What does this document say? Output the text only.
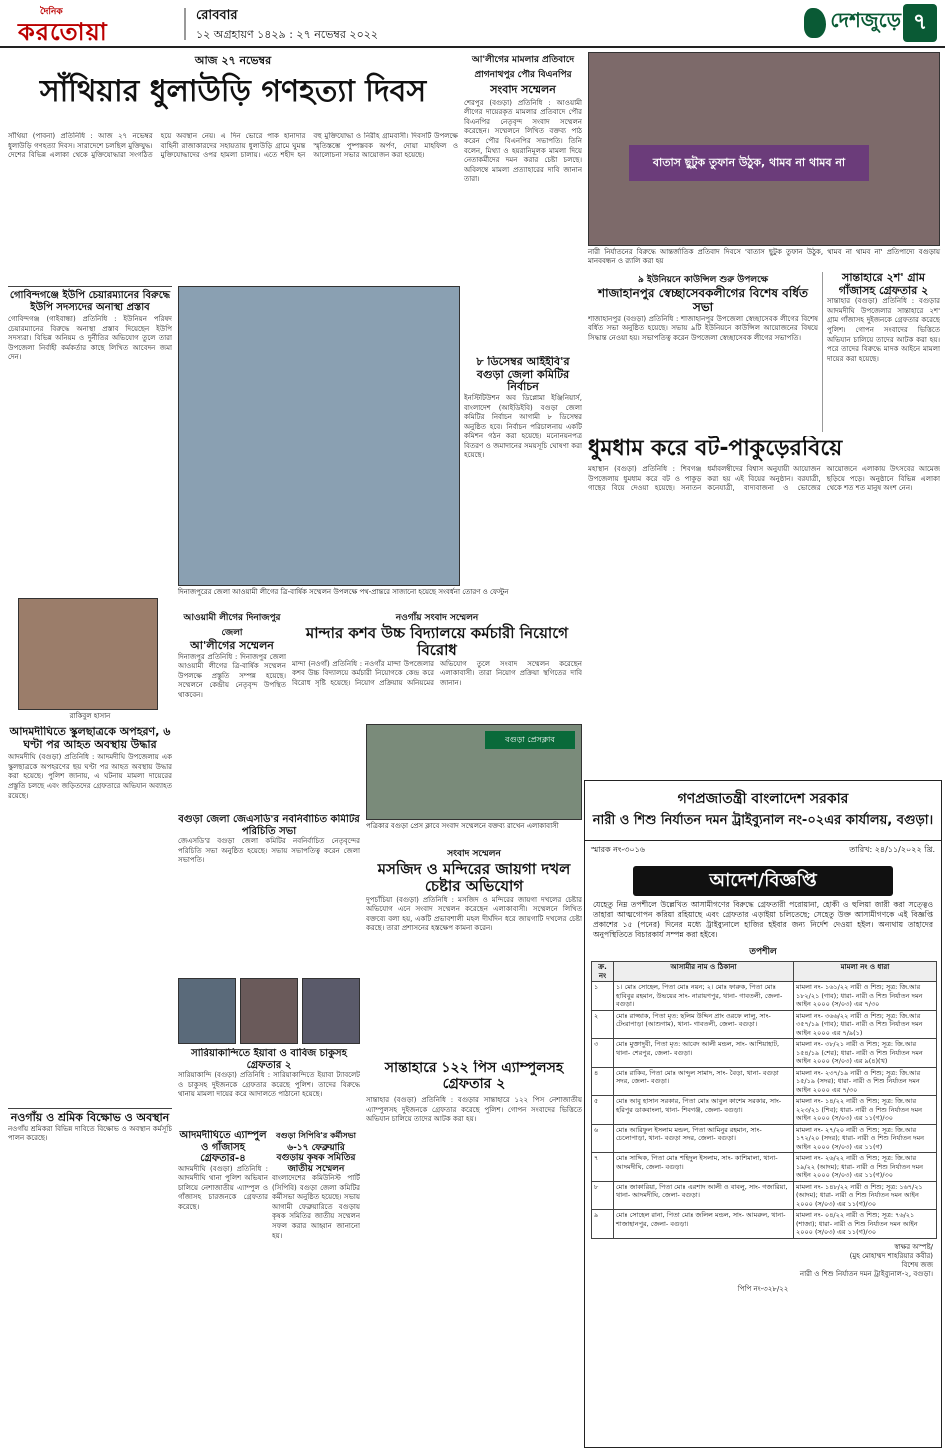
দৈনিক
করতোয়া
রোববার
১২ অগ্রহায়ণ ১৪২৯ : ২৭ নভেম্বর ২০২২
দেশজুড়ে ৭
আজ ২৭ নভেম্বর
সাঁথিয়ার ধুলাউড়ি গণহত্যা দিবস
সাঁথিয়া (পাবনা) প্রতিনিধি : আজ ২৭ নভেম্বর ধুলাউড়ি গণহত্যা দিবস। সারাদেশে চলছিল মুক্তিযুদ্ধ। দেশের বিভিন্ন এলাকা থেকে মুক্তিযোদ্ধারা সংগঠিত হয়ে অবস্থান নেয়। এ দিন ভোরে পাক হানাদার বাহিনী রাজাকারদের সহায়তায় ধুলাউড়ি গ্রামে ঘুমন্ত মুক্তিযোদ্ধাদের ওপর হামলা চালায়। এতে শহীদ হন বহু মুক্তিযোদ্ধা ও নিরীহ গ্রামবাসী। দিবসটি উপলক্ষে স্মৃতিস্তম্ভে পুষ্পস্তবক অর্পণ, দোয়া মাহফিল ও আলোচনা সভার আয়োজন করা হয়েছে।
আ'লীগের মামলার প্রতিবাদে প্রাগনাথপুর পৌর বিএনপির
সংবাদ সম্মেলন
শেরপুর (বগুড়া) প্রতিনিধি : আওয়ামী লীগের দায়েরকৃত মামলার প্রতিবাদে পৌর বিএনপির নেতৃবৃন্দ সংবাদ সম্মেলন করেছেন। সম্মেলনে লিখিত বক্তব্য পাঠ করেন পৌর বিএনপির সভাপতি। তিনি বলেন, মিথ্যা ও হয়রানিমূলক মামলা দিয়ে নেতাকর্মীদের দমন করার চেষ্টা চলছে। অবিলম্বে মামলা প্রত্যাহারের দাবি জানান তারা।
বাতাস ছুটুক তুফান উঠুক, থামব না থামব না
নারী নির্যাতনের বিরুদ্ধে আন্তর্জাতিক প্রতিবাদ দিবসে 'বাতাস ছুটুক তুফান উঠুক, থামব না থামব না' প্রতিপাদ্যে বগুড়ায় মানববন্ধন ও র‍্যালি করা হয়
৯ ইউনিয়নে কাউন্সিল শুরু উপলক্ষে
শাজাহানপুর স্বেচ্ছাসেবকলীগের বিশেষ বর্ধিত সভা
শাজাহানপুর (বগুড়া) প্রতিনিধি : শাজাহানপুর উপজেলা স্বেচ্ছাসেবক লীগের বিশেষ বর্ধিত সভা অনুষ্ঠিত হয়েছে। সভায় ৯টি ইউনিয়নে কাউন্সিল আয়োজনের বিষয়ে সিদ্ধান্ত নেওয়া হয়। সভাপতিত্ব করেন উপজেলা স্বেচ্ছাসেবক লীগের সভাপতি।
সান্তাহারে ২শ' গ্রাম গাঁজাসহ গ্রেফতার ২
সান্তাহার (বগুড়া) প্রতিনিধি : বগুড়ার আদমদীঘি উপজেলার সান্তাহারে ২শ' গ্রাম গাঁজাসহ দুইজনকে গ্রেফতার করেছে পুলিশ। গোপন সংবাদের ভিত্তিতে অভিযান চালিয়ে তাদের আটক করা হয়। পরে তাদের বিরুদ্ধে মাদক আইনে মামলা দায়ের করা হয়েছে।
ধুমধাম করে বট-পাকুড়েরবিয়ে
মহাস্থান (বগুড়া) প্রতিনিধি : শিবগঞ্জ উপজেলায় ধুমধাম করে বট ও পাকুড় গাছের বিয়ে দেওয়া হয়েছে। সনাতন ধর্মাবলম্বীদের বিশ্বাস অনুযায়ী আয়োজন করা হয় এই বিয়ের অনুষ্ঠান। বরযাত্রী, কনেযাত্রী, বাদ্যবাজনা ও ভোজের আয়োজনে এলাকায় উৎসবের আমেজ ছড়িয়ে পড়ে। অনুষ্ঠানে বিভিন্ন এলাকা থেকে শত শত মানুষ অংশ নেন।
দিনাজপুরের জেলা আওয়ামী লীগের ত্রি-বার্ষিক সম্মেলন উপলক্ষে পথ-প্রান্তরে সাজানো হয়েছে সংবর্ধনা তোরণ ও ফেস্টুন
গোবিন্দগঞ্জে ইউপি চেয়ারম্যানের বিরুদ্ধে ইউপি সদস্যদের অনাস্থা প্রস্তাব
গোবিন্দগঞ্জ (গাইবান্ধা) প্রতিনিধি : ইউনিয়ন পরিষদ চেয়ারম্যানের বিরুদ্ধে অনাস্থা প্রস্তাব দিয়েছেন ইউপি সদস্যরা। বিভিন্ন অনিয়ম ও দুর্নীতির অভিযোগ তুলে তারা উপজেলা নির্বাহী কর্মকর্তার কাছে লিখিত আবেদন জমা দেন।
রাকিবুল হাসান
আদমদীঘিতে স্কুলছাত্রকে অপহরণ, ৬ ঘণ্টা পর আহত অবস্থায় উদ্ধার
আদমদীঘি (বগুড়া) প্রতিনিধি : আদমদীঘি উপজেলায় এক স্কুলছাত্রকে অপহরণের ছয় ঘণ্টা পর আহত অবস্থায় উদ্ধার করা হয়েছে। পুলিশ জানায়, এ ঘটনায় মামলা দায়েরের প্রস্তুতি চলছে এবং জড়িতদের গ্রেফতারে অভিযান অব্যাহত রয়েছে।
নওগাঁয় ও শ্রমিক বিক্ষোভ ও অবস্থান
নওগাঁয় শ্রমিকরা বিভিন্ন দাবিতে বিক্ষোভ ও অবস্থান কর্মসূচি পালন করেছে।
৮ ডিসেম্বর আইইবি'র বগুড়া জেলা কমিটির নির্বাচন
ইনস্টিটিউশন অব ডিপ্লোমা ইঞ্জিনিয়ার্স, বাংলাদেশ (আইডিইবি) বগুড়া জেলা কমিটির নির্বাচন আগামী ৮ ডিসেম্বর অনুষ্ঠিত হবে। নির্বাচন পরিচালনায় একটি কমিশন গঠন করা হয়েছে। মনোনয়নপত্র বিতরণ ও জমাদানের সময়সূচি ঘোষণা করা হয়েছে।
আওয়ামী লীগের দিনাজপুর জেলা
আ'লীগের সম্মেলন
দিনাজপুর প্রতিনিধি : দিনাজপুর জেলা আওয়ামী লীগের ত্রি-বার্ষিক সম্মেলন উপলক্ষে প্রস্তুতি সম্পন্ন হয়েছে। সম্মেলনে কেন্দ্রীয় নেতৃবৃন্দ উপস্থিত থাকবেন।
নওগাঁয় সংবাদ সম্মেলন
মান্দার কশব উচ্চ বিদ্যালয়ে কর্মচারী নিয়োগে বিরোধ
মান্দা (নওগাঁ) প্রতিনিধি : নওগাঁর মান্দা উপজেলার কশব উচ্চ বিদ্যালয়ে কর্মচারী নিয়োগকে কেন্দ্র করে বিরোধ সৃষ্টি হয়েছে। নিয়োগ প্রক্রিয়ায় অনিয়মের অভিযোগ তুলে সংবাদ সম্মেলন করেছেন এলাকাবাসী। তারা নিয়োগ প্রক্রিয়া স্থগিতের দাবি জানান।
বগুড়া প্রেসক্লাব
পত্রিকার বগুড়া প্রেস ক্লাবে সংবাদ সম্মেলনে বক্তব্য রাখেন এলাকাবাসী
বগুড়া জেলা জেএসডি'র নবনির্বাচিত কমিটির পরিচিতি সভা
জেএসডি'র বগুড়া জেলা কমিটির নবনির্বাচিত নেতৃবৃন্দের পরিচিতি সভা অনুষ্ঠিত হয়েছে। সভায় সভাপতিত্ব করেন জেলা সভাপতি।
সংবাদ সম্মেলন
মসজিদ ও মন্দিরের জায়গা দখল চেষ্টার অভিযোগ
দুপচাঁচিয়া (বগুড়া) প্রতিনিধি : মসজিদ ও মন্দিরের জায়গা দখলের চেষ্টার অভিযোগ এনে সংবাদ সম্মেলন করেছেন এলাকাবাসী। সম্মেলনে লিখিত বক্তব্যে বলা হয়, একটি প্রভাবশালী মহল দীর্ঘদিন ধরে জায়গাটি দখলের চেষ্টা করছে। তারা প্রশাসনের হস্তক্ষেপ কামনা করেন।
সারিয়াকান্দিতে ইয়াবা ও বাবিজ চাকুসহ গ্রেফতার ২
সারিয়াকান্দি (বগুড়া) প্রতিনিধি : সারিয়াকান্দিতে ইয়াবা ট্যাবলেট ও চাকুসহ দুইজনকে গ্রেফতার করেছে পুলিশ। তাদের বিরুদ্ধে থানায় মামলা দায়ের করে আদালতে পাঠানো হয়েছে।
আদমদীঘিতে এ্যাম্পুল ও গাঁজাসহ গ্রেফতার-৪
আদমদীঘি (বগুড়া) প্রতিনিধি : আদমদীঘি থানা পুলিশ অভিযান চালিয়ে নেশাজাতীয় এ্যাম্পুল ও গাঁজাসহ চারজনকে গ্রেফতার করেছে।
বগুড়া সিপিবি'র কর্মীসভা
৬-১৭ ফেব্রুয়ারি বগুড়ায় কৃষক সমিতির জাতীয় সম্মেলন
বাংলাদেশের কমিউনিস্ট পার্টি (সিপিবি) বগুড়া জেলা কমিটির কর্মীসভা অনুষ্ঠিত হয়েছে। সভায় আগামী ফেব্রুয়ারিতে বগুড়ায় কৃষক সমিতির জাতীয় সম্মেলন সফল করার আহ্বান জানানো হয়।
সান্তাহারে ১২২ পিস এ্যাম্পুলসহ গ্রেফতার ২
সান্তাহার (বগুড়া) প্রতিনিধি : বগুড়ার সান্তাহারে ১২২ পিস নেশাজাতীয় এ্যাম্পুলসহ দুইজনকে গ্রেফতার করেছে পুলিশ। গোপন সংবাদের ভিত্তিতে অভিযান চালিয়ে তাদের আটক করা হয়।
গণপ্রজাতন্ত্রী বাংলাদেশ সরকার
নারী ও শিশু নির্যাতন দমন ট্রাইব্যুনাল নং-০২এর কার্যালয়, বগুড়া।
স্মারক নং-৩০১৬	তারিখ: ২৪/১১/২০২২ খ্রি.
আদেশ/বিজ্ঞপ্তি
যেহেতু নিম্ন তপশীলে উল্লেখিত আসামীগণের বিরুদ্ধে গ্রেফতারী পরোয়ানা, হোকী ও হুলিয়া জারী করা সত্ত্বেও তাহারা আত্মগোপন করিয়া রহিয়াছে এবং গ্রেফতার এড়াইয়া চলিতেছে; সেহেতু উক্ত আসামীগণকে এই বিজ্ঞপ্তি প্রকাশের ১৫ (পনের) দিনের মধ্যে ট্রাইব্যুনালে হাজির হইবার জন্য নির্দেশ দেওয়া হইল। অন্যথায় তাহাদের অনুপস্থিতিতে বিচারকার্য সম্পন্ন করা হইবে।
তপশীল
ক্র. নং	আসামীর নাম ও ঠিকানা	মামলা নং ও ধারা
১	১। মোঃ সোহেল, পিতা মোঃ নয়ন; ২। মোঃ ফারুক, পিতা মোঃ হাবিবুর রহমান, উভয়ের সাং- নারায়ণপুর, থানা- গাবতলী, জেলা- বগুড়া।	মামলা নং- ১৬১/২২ নারী ও শিশু; সূত্র: জি.আর ১৮২/২১ (গাব); ধারা- নারী ও শিশু নির্যাতন দমন আইন ২০০০ (স/০৩) এর ৭/৩০
২	মোঃ রাজ্জাক, পিতা মৃত: ছলিম উদ্দিন প্রাং ওরফে লালু, সাং- টেংরাপাড়া (আশুগাম), থানা- গাবতলী, জেলা- বগুড়া।	মামলা নং- ৩৬৬/২২ নারী ও শিশু; সূত্র: জি.আর ৩৫৭/১৯ (গাব); ধারা- নারী ও শিশু নির্যাতন দমন আইন ২০০০ এর ৭/৯(১)
৩	মোঃ মুক্তাদুবী, পিতা মৃত: আবেদ আলী মন্ডল, সাং- আশিয়াহাট, থানা- শেরপুর, জেলা- বগুড়া।	মামলা নং- ৩৮/২১ নারী ও শিশু; সূত্র: জি.আর ১৫৪/১৯ (শের); ধারা- নারী ও শিশু নির্যাতন দমন আইন ২০০০ (স/০৩) এর ৯(৪)(খ)
৪	মোঃ রাকিব, পিতা মোঃ আব্দুল সামাদ, সাং- বৈড়া, থানা- বগুড়া সদর, জেলা- বগুড়া।	মামলা নং- ২৩৭/১৯ নারী ও শিশু; সূত্র: জি.আর ১৫/১৯ (সদর); ধারা- নারী ও শিশু নির্যাতন দমন আইন ২০০০ এর ৭/৩০
৫	মোঃ আবু হাসান সরকার, পিতা মোঃ আবুল কাশেম সরকার, সাং- হরিপুর ডাকবাংলা, থানা- শিবগঞ্জ, জেলা- বগুড়া।	মামলা নং- ১৪/২২ নারী ও শিশু; সূত্র: জি.আর ২২৩/২১ (শিব); ধারা- নারী ও শিশু নির্যাতন দমন আইন ২০০০ (স/০৩) এর ১১(গ)/৩০
৬	মোঃ আরিফুল ইসলাম মন্ডল, পিতা আমিনুর রহমান, সাং- চেলোপাড়া, থানা- বগুড়া সদর, জেলা- বগুড়া।	মামলা নং- ২৭/২০ নারী ও শিশু; সূত্র: জি.আর ১৭২/২০ (সদর); ধারা- নারী ও শিশু নির্যাতন দমন আইন ২০০০ (স/০৩) এর ১১(গ)
৭	মোঃ সাদ্দিক, পিতা মোঃ শহিদুল ইসলাম, সাং- কাশিমালা, থানা- আদমদীঘি, জেলা- বগুড়া।	মামলা নং- ২৬/২২ নারী ও শিশু; সূত্র: জি.আর ১৯/২২ (আদম); ধারা- নারী ও শিশু নির্যাতন দমন আইন ২০০০ (স/০৩) এর ১১(গ)/৩০
৮	মোঃ জাকারিয়া, পিতা মোঃ এরশাদ আলী ও বাবলু, সাং- গজারিয়া, থানা- আদমদীঘি, জেলা- বগুড়া।	মামলা নং- ১৪৮/২২ নারী ও শিশু; সূত্র: ১৬৭/২১ (আদম); ধারা- নারী ও শিশু নির্যাতন দমন আইন ২০০০ (স/০৩) এর ১১(গ)/৩০
৯	মোঃ সোহেল রানা, পিতা মোঃ জলিল মন্ডল, সাং- আমরুল, থানা- শাজাহানপুর, জেলা- বগুড়া।	মামলা নং- ০৪/২২ নারী ও শিশু; সূত্র: ৭৬/২১ (শাজা); ধারা- নারী ও শিশু নির্যাতন দমন আইন ২০০০ (স/০৩) এর ১১(গ)/৩০
স্বাক্ষর অস্পষ্ট/
(মুহ মোহাম্মদ শাহরিয়ার কবীর)
বিশেষ জজ
নারী ও শিশু নির্যাতন দমন ট্রাইব্যুনাল-২, বগুড়া।
পিপি নং-৩২৮/২২
